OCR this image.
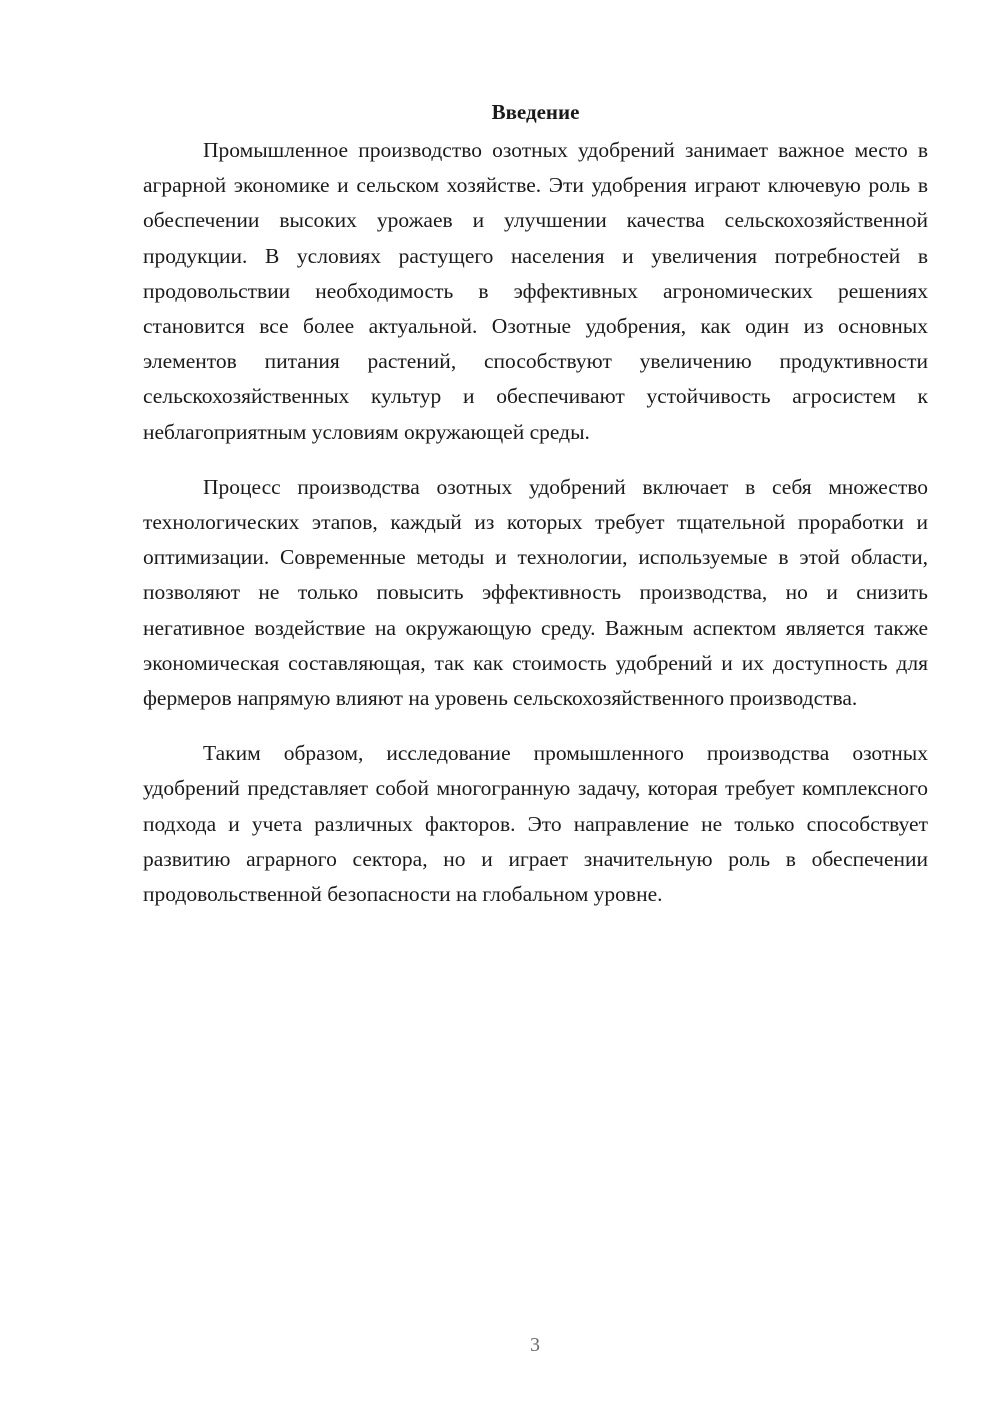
Введение

Промышленное производство озотных удобрений занимает важное место в аграрной экономике и сельском хозяйстве. Эти удобрения играют ключевую роль в обеспечении высоких урожаев и улучшении качества сельскохозяйственной продукции. В условиях растущего населения и увеличения потребностей в продовольствии необходимость в эффективных агрономических решениях становится все более актуальной. Озотные удобрения, как один из основных элементов питания растений, способствуют увеличению продуктивности сельскохозяйственных культур и обеспечивают устойчивость агросистем к неблагоприятным условиям окружающей среды.

Процесс производства озотных удобрений включает в себя множество технологических этапов, каждый из которых требует тщательной проработки и оптимизации. Современные методы и технологии, используемые в этой области, позволяют не только повысить эффективность производства, но и снизить негативное воздействие на окружающую среду. Важным аспектом является также экономическая составляющая, так как стоимость удобрений и их доступность для фермеров напрямую влияют на уровень сельскохозяйственного производства.

Таким образом, исследование промышленного производства озотных удобрений представляет собой многогранную задачу, которая требует комплексного подхода и учета различных факторов. Это направление не только способствует развитию аграрного сектора, но и играет значительную роль в обеспечении продовольственной безопасности на глобальном уровне.

3
